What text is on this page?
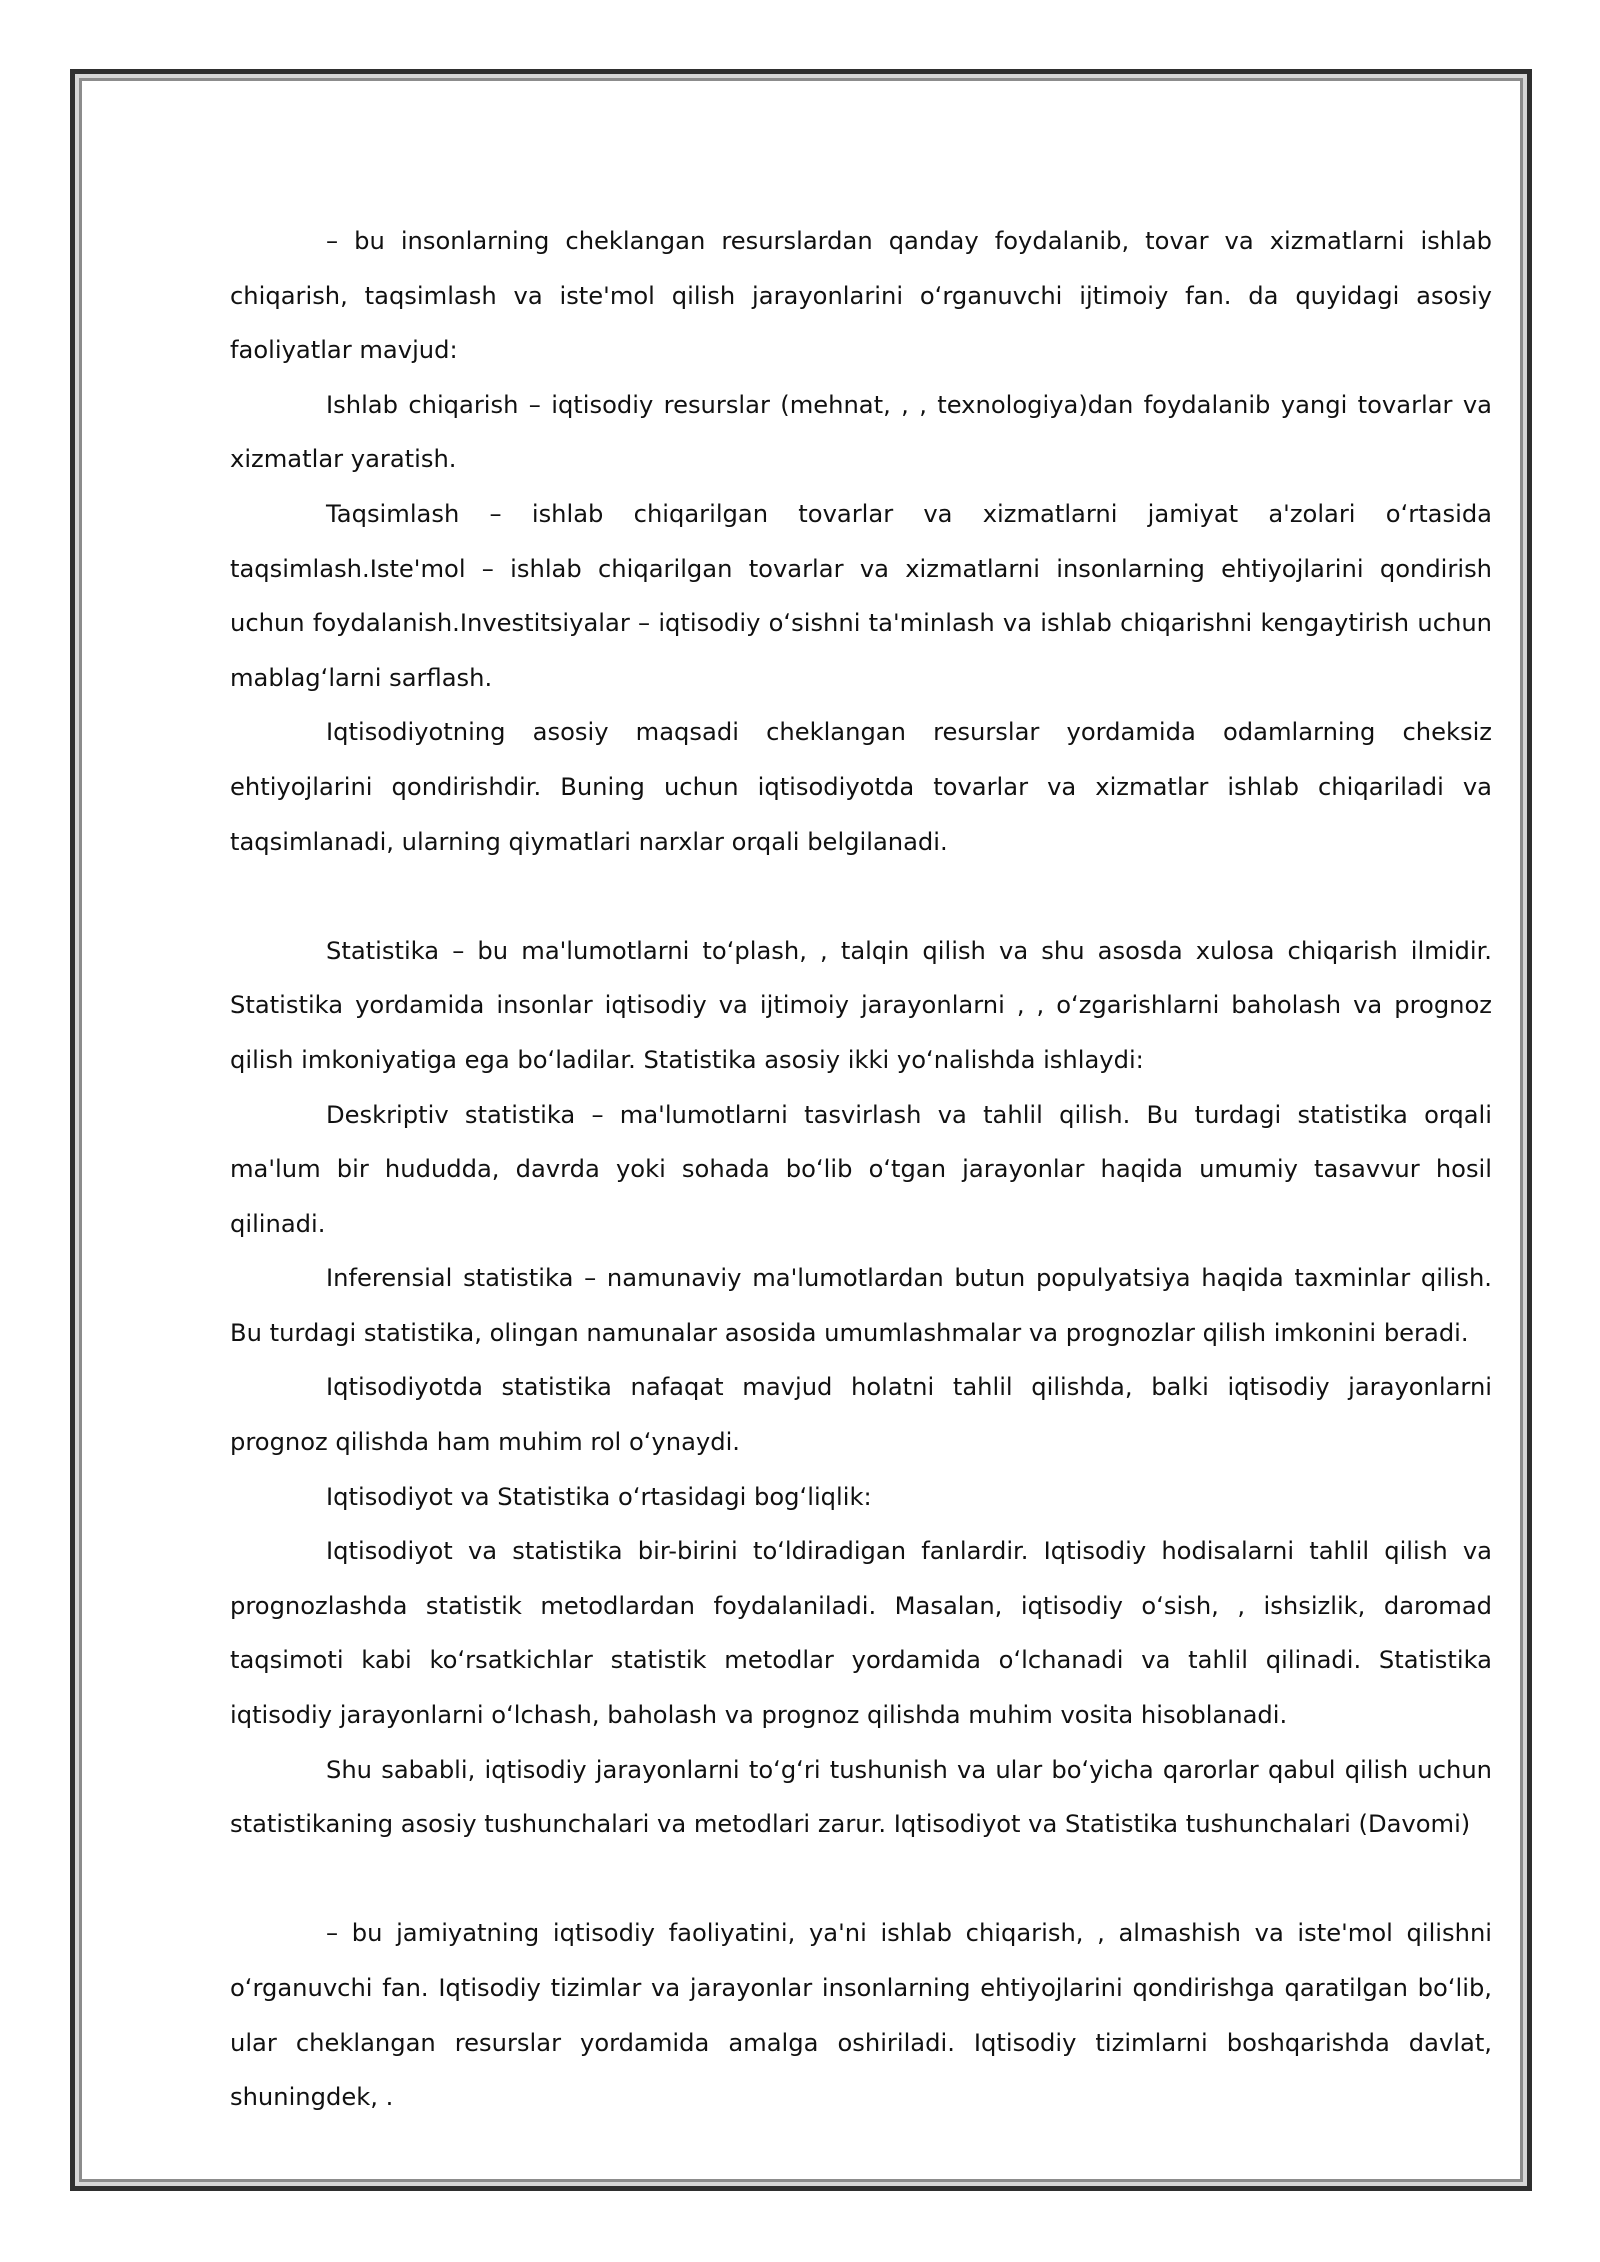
– bu insonlarning cheklangan resurslardan qanday foydalanib, tovar va xizmatlarni ishlab chiqarish, taqsimlash va iste'mol qilish jarayonlarini oʻrganuvchi ijtimoiy fan. da quyidagi asosiy faoliyatlar mavjud:

Ishlab chiqarish – iqtisodiy resurslar (mehnat, , , texnologiya)dan foydalanib yangi tovarlar va xizmatlar yaratish.

Taqsimlash – ishlab chiqarilgan tovarlar va xizmatlarni jamiyat a'zolari oʻrtasida taqsimlash.Iste'mol – ishlab chiqarilgan tovarlar va xizmatlarni insonlarning ehtiyojlarini qondirish uchun foydalanish.Investitsiyalar – iqtisodiy oʻsishni ta'minlash va ishlab chiqarishni kengaytirish uchun mablagʻlarni sarflash.

Iqtisodiyotning asosiy maqsadi cheklangan resurslar yordamida odamlarning cheksiz ehtiyojlarini qondirishdir. Buning uchun iqtisodiyotda tovarlar va xizmatlar ishlab chiqariladi va taqsimlanadi, ularning qiymatlari narxlar orqali belgilanadi.

Statistika – bu ma'lumotlarni toʻplash, , talqin qilish va shu asosda xulosa chiqarish ilmidir. Statistika yordamida insonlar iqtisodiy va ijtimoiy jarayonlarni , , oʻzgarishlarni baholash va prognoz qilish imkoniyatiga ega boʻladilar. Statistika asosiy ikki yoʻnalishda ishlaydi:

Deskriptiv statistika – ma'lumotlarni tasvirlash va tahlil qilish. Bu turdagi statistika orqali ma'lum bir hududda, davrda yoki sohada boʻlib oʻtgan jarayonlar haqida umumiy tasavvur hosil qilinadi.

Inferensial statistika – namunaviy ma'lumotlardan butun populyatsiya haqida taxminlar qilish. Bu turdagi statistika, olingan namunalar asosida umumlashmalar va prognozlar qilish imkonini beradi.

Iqtisodiyotda statistika nafaqat mavjud holatni tahlil qilishda, balki iqtisodiy jarayonlarni prognoz qilishda ham muhim rol oʻynaydi.

Iqtisodiyot va Statistika oʻrtasidagi bogʻliqlik:

Iqtisodiyot va statistika bir-birini toʻldiradigan fanlardir. Iqtisodiy hodisalarni tahlil qilish va prognozlashda statistik metodlardan foydalaniladi. Masalan, iqtisodiy oʻsish, , ishsizlik, daromad taqsimoti kabi koʻrsatkichlar statistik metodlar yordamida oʻlchanadi va tahlil qilinadi. Statistika iqtisodiy jarayonlarni oʻlchash, baholash va prognoz qilishda muhim vosita hisoblanadi.

Shu sababli, iqtisodiy jarayonlarni toʻgʻri tushunish va ular boʻyicha qarorlar qabul qilish uchun statistikaning asosiy tushunchalari va metodlari zarur. Iqtisodiyot va Statistika tushunchalari (Davomi)

– bu jamiyatning iqtisodiy faoliyatini, ya'ni ishlab chiqarish, , almashish va iste'mol qilishni oʻrganuvchi fan. Iqtisodiy tizimlar va jarayonlar insonlarning ehtiyojlarini qondirishga qaratilgan boʻlib, ular cheklangan resurslar yordamida amalga oshiriladi. Iqtisodiy tizimlarni boshqarishda davlat, shuningdek, .
